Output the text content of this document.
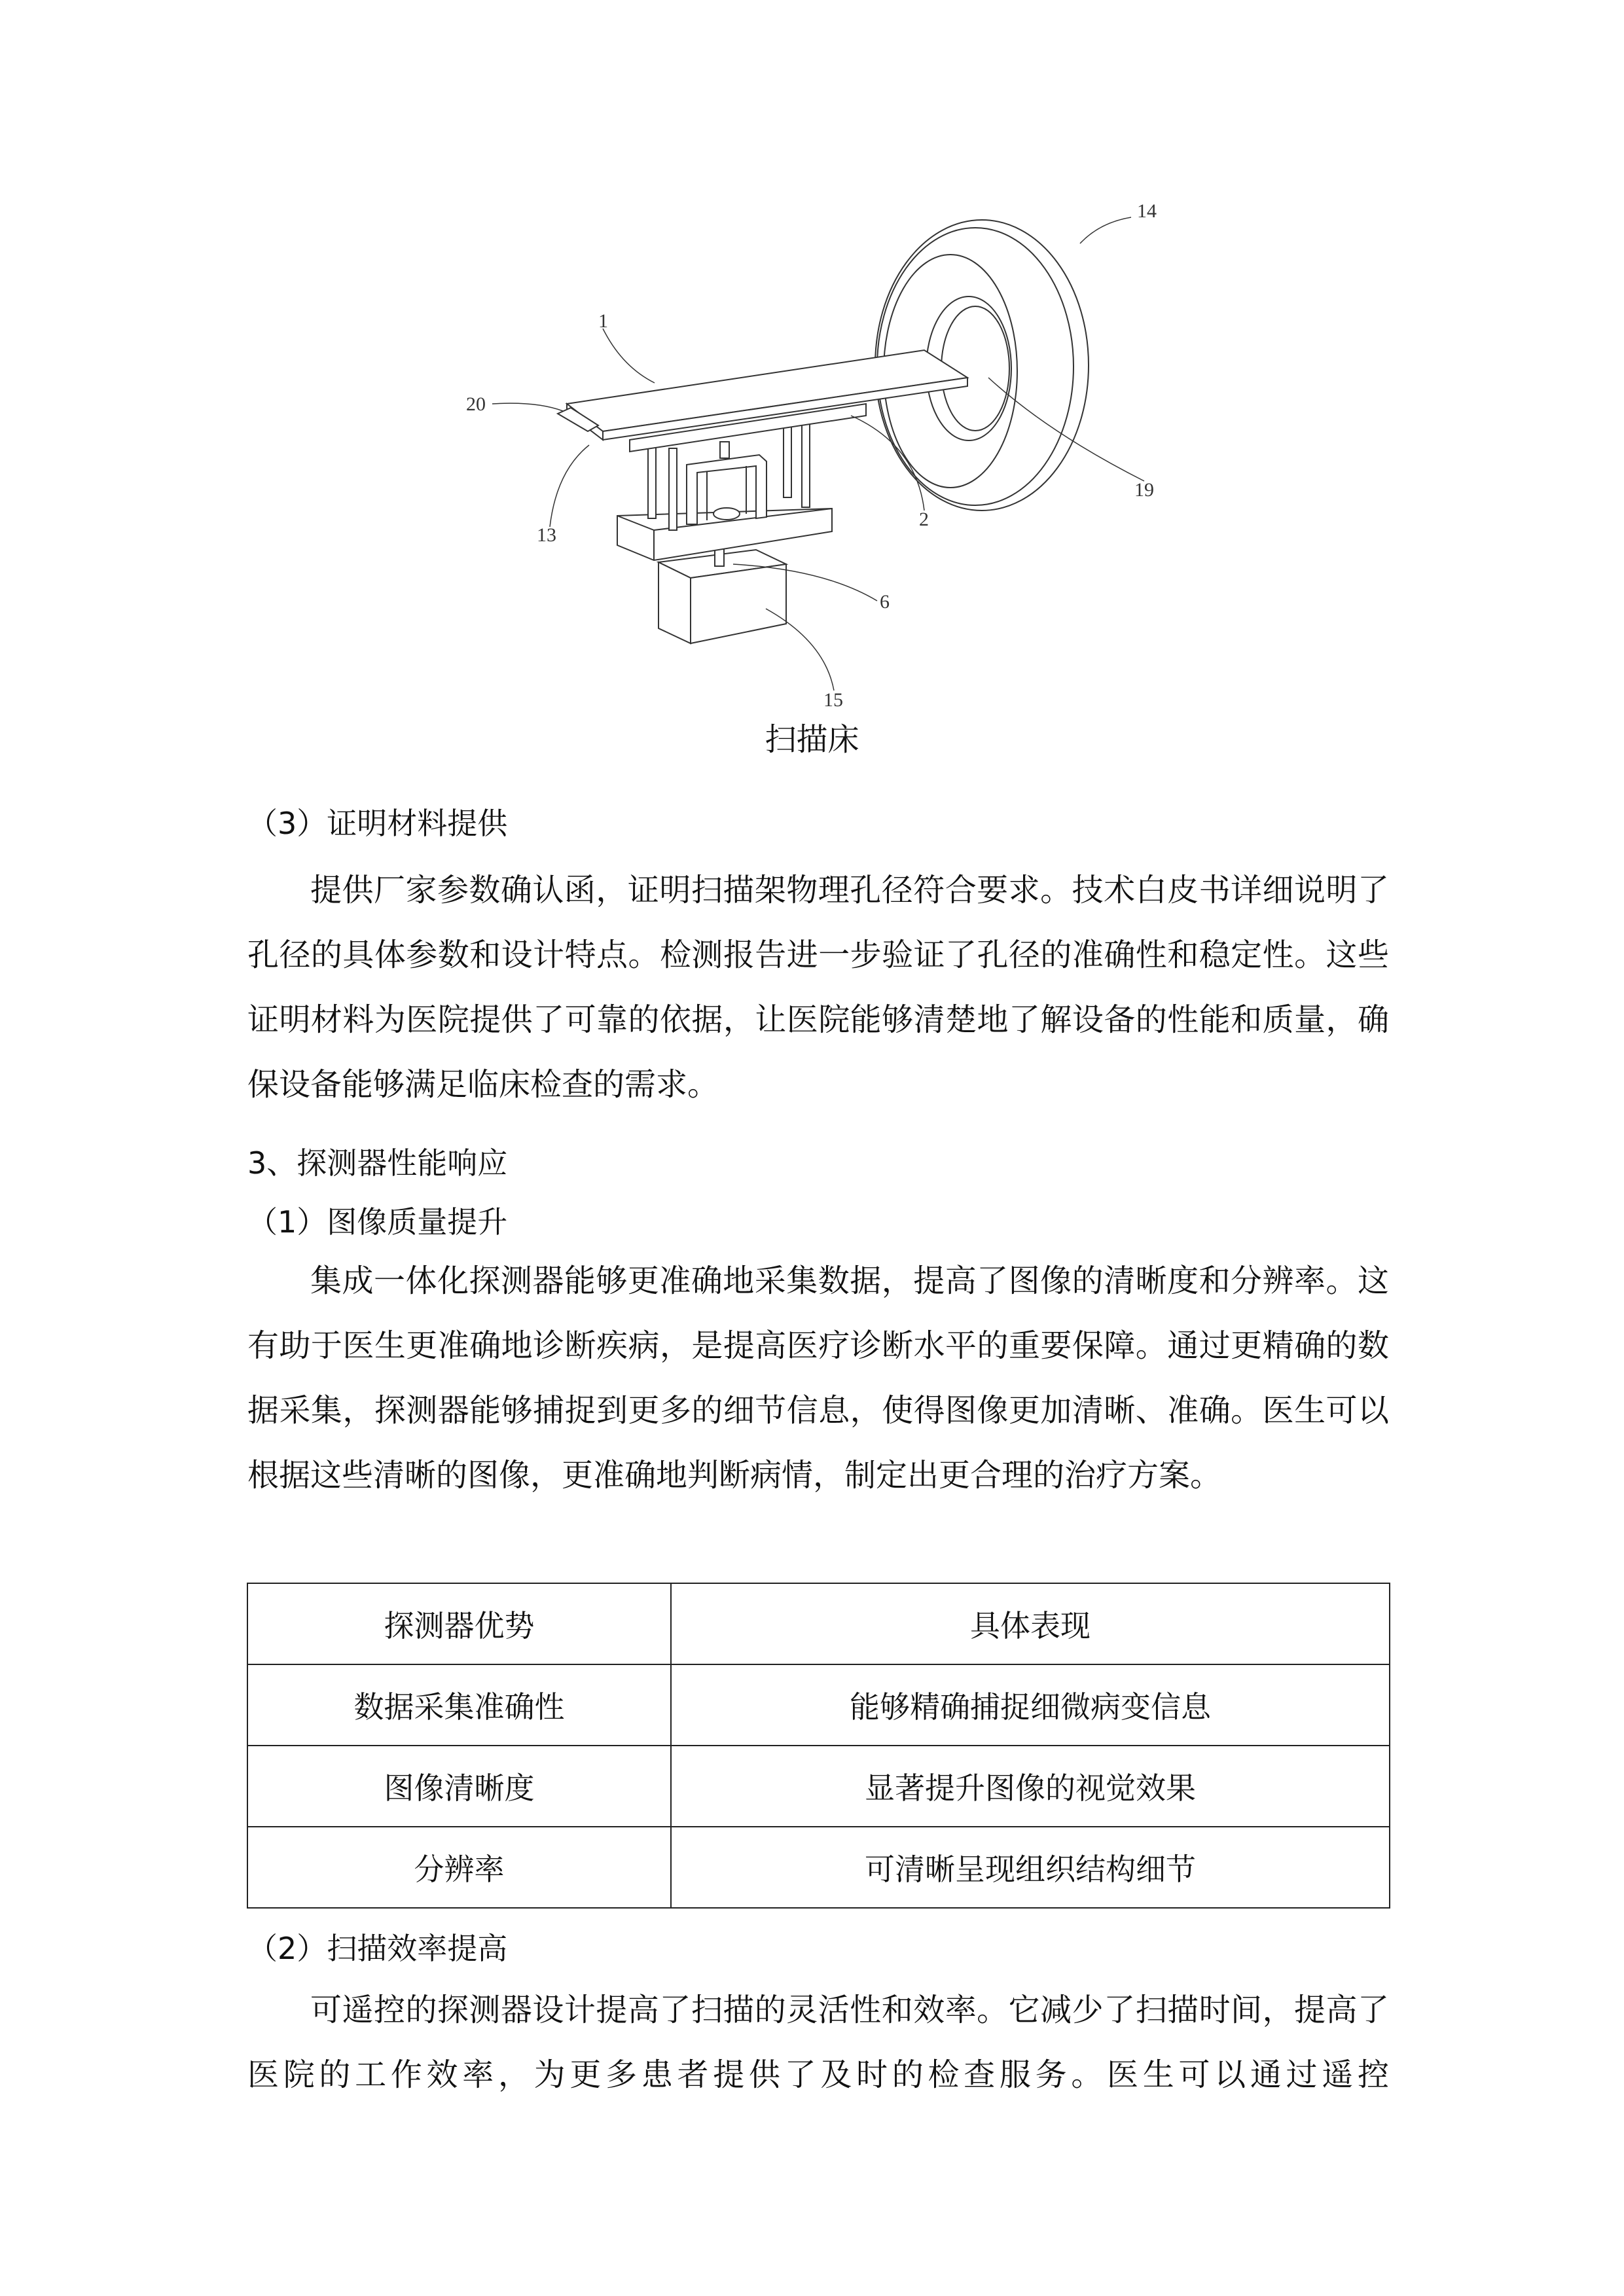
14
1
20
13
2
19
6
15
扫描床
（3）证明材料提供
提供厂家参数确认函，证明扫描架物理孔径符合要求。技术白皮书详细说明了孔径的具体参数和设计特点。检测报告进一步验证了孔径的准确性和稳定性。这些证明材料为医院提供了可靠的依据，让医院能够清楚地了解设备的性能和质量，确保设备能够满足临床检查的需求。
3、探测器性能响应
（1）图像质量提升
集成一体化探测器能够更准确地采集数据，提高了图像的清晰度和分辨率。这有助于医生更准确地诊断疾病，是提高医疗诊断水平的重要保障。通过更精确的数据采集，探测器能够捕捉到更多的细节信息，使得图像更加清晰、准确。医生可以根据这些清晰的图像，更准确地判断病情，制定出更合理的治疗方案。
探测器优势	具体表现
数据采集准确性	能够精确捕捉细微病变信息
图像清晰度	显著提升图像的视觉效果
分辨率	可清晰呈现组织结构细节
（2）扫描效率提高
可遥控的探测器设计提高了扫描的灵活性和效率。它减少了扫描时间，提高了医院的工作效率，为更多患者提供了及时的检查服务。医生可以通过遥控
